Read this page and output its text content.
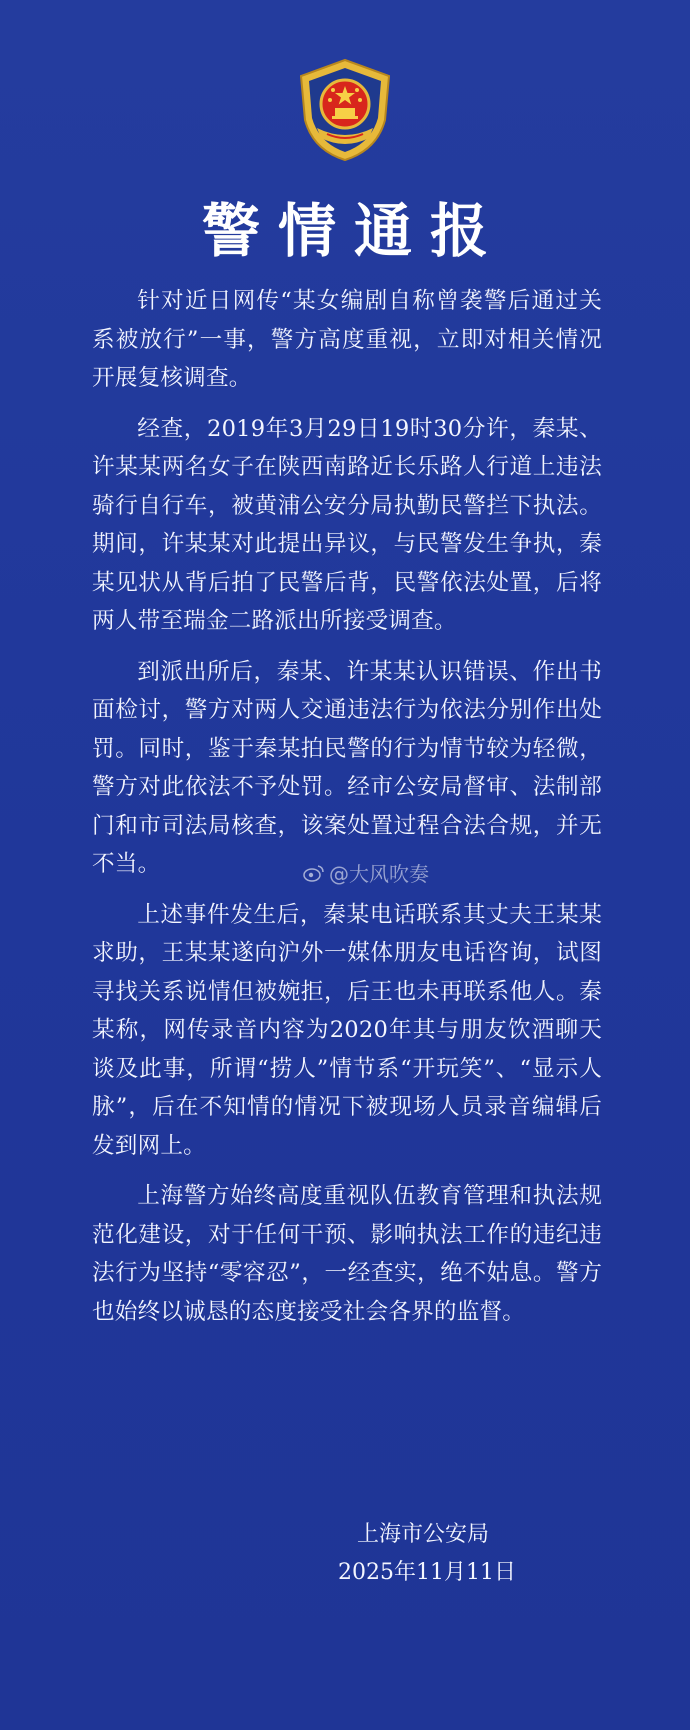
警情通报

针对近日网传“某女编剧自称曾袭警后通过关系被放行”一事，警方高度重视，立即对相关情况开展复核调查。

经查，2019年3月29日19时30分许，秦某、许某某两名女子在陕西南路近长乐路人行道上违法骑行自行车，被黄浦公安分局执勤民警拦下执法。期间，许某某对此提出异议，与民警发生争执，秦某见状从背后拍了民警后背，民警依法处置，后将两人带至瑞金二路派出所接受调查。

到派出所后，秦某、许某某认识错误、作出书面检讨，警方对两人交通违法行为依法分别作出处罚。同时，鉴于秦某拍民警的行为情节较为轻微，警方对此依法不予处罚。经市公安局督审、法制部门和市司法局核查，该案处置过程合法合规，并无不当。

上述事件发生后，秦某电话联系其丈夫王某某求助，王某某遂向沪外一媒体朋友电话咨询，试图寻找关系说情但被婉拒，后王也未再联系他人。秦某称，网传录音内容为2020年其与朋友饮酒聊天谈及此事，所谓“捞人”情节系“开玩笑”、“显示人脉”，后在不知情的情况下被现场人员录音编辑后发到网上。

上海警方始终高度重视队伍教育管理和执法规范化建设，对于任何干预、影响执法工作的违纪违法行为坚持“零容忍”，一经查实，绝不姑息。警方也始终以诚恳的态度接受社会各界的监督。

上海市公安局
2025年11月11日
@大风吹奏
